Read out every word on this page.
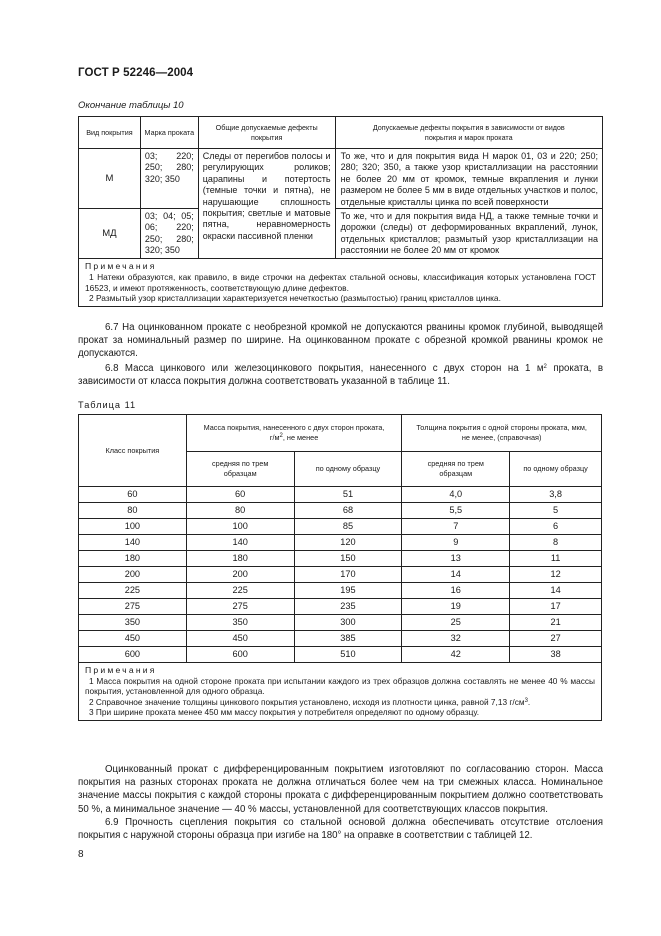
ГОСТ Р 52246—2004
Окончание таблицы 10
Вид покрытия	Марка проката	Общие допускаемые дефекты покрытия	Допускаемые дефекты покрытия в зависимости от видов покрытия и марок проката
М	03; 220; 250; 280; 320; 350	Следы от перегибов полосы и регулирующих роликов; царапины и потертость (темные точки и пятна), не нарушающие сплошность покрытия; светлые и матовые пятна, неравномерность окраски пассивной пленки	То же, что и для покрытия вида Н марок 01, 03 и 220; 250; 280; 320; 350, а также узор кристаллизации на расстоянии не более 20 мм от кромок, темные вкрапления и лунки размером не более 5 мм в виде отдельных участков и полос, отдельные кристаллы цинка по всей поверхности
МД	03; 04; 05; 06; 220; 250; 280; 320; 350		То же, что и для покрытия вида НД, а также темные точки и дорожки (следы) от деформированных вкраплений, лунок, отдельных кристаллов; размытый узор кристаллизации на расстоянии не более 20 мм от кромок

Примечания
1 Натеки образуются, как правило, в виде строчки на дефектах стальной основы, классификация которых установлена ГОСТ 16523, и имеют протяженность, соответствующую длине дефектов.
2 Размытый узор кристаллизации характеризуется нечеткостью (размытостью) границ кристаллов цинка.			
6.7 На оцинкованном прокате с необрезной кромкой не допускаются рванины кромок глубиной, выводящей прокат за номинальный размер по ширине. На оцинкованном прокате с обрезной кромкой рванины кромок не допускаются.
6.8 Масса цинкового или железоцинкового покрытия, нанесенного с двух сторон на 1 $м^2$ проката, в зависимости от класса покрытия должна соответствовать указанной в таблице 11.
Таблица 11
Класс покрытия	Масса покрытия, нанесенного с двух сторон проката, $г/м^2$, не менее		Толщина покрытия с одной стороны проката, мкм, не менее, (справочная)	
	средняя по трем образцам	по одному образцу	средняя по трем образцам	по одному образцу
60	60	51	4,0	3,8
80	80	68	5,5	5
100	100	85	7	6
140	140	120	9	8
180	180	150	13	11
200	200	170	14	12
225	225	195	16	14
275	275	235	19	17
350	350	300	25	21
450	450	385	32	27
600	600	510	42	38

Примечания
1 Масса покрытия на одной стороне проката при испытании каждого из трех образцов должна составлять не менее 40 % массы покрытия, установленной для одного образца.
2 Справочное значение толщины цинкового покрытия установлено, исходя из плотности цинка, равной 7,13 $г/см^3$.
3 При ширине проката менее 450 мм массу покрытия у потребителя определяют по одному образцу.				
Оцинкованный прокат с дифференцированным покрытием изготовляют по согласованию сторон. Масса покрытия на разных сторонах проката не должна отличаться более чем на три смежных класса. Номинальное значение массы покрытия с каждой стороны проката с дифференцированным покрытием должно соответствовать 50 %, а минимальное значение — 40 % массы, установленной для соответствующих классов покрытия.
6.9 Прочность сцепления покрытия со стальной основой должна обеспечивать отсутствие отслоения покрытия с наружной стороны образца при изгибе на 180° на оправке в соответствии с таблицей 12.
8
